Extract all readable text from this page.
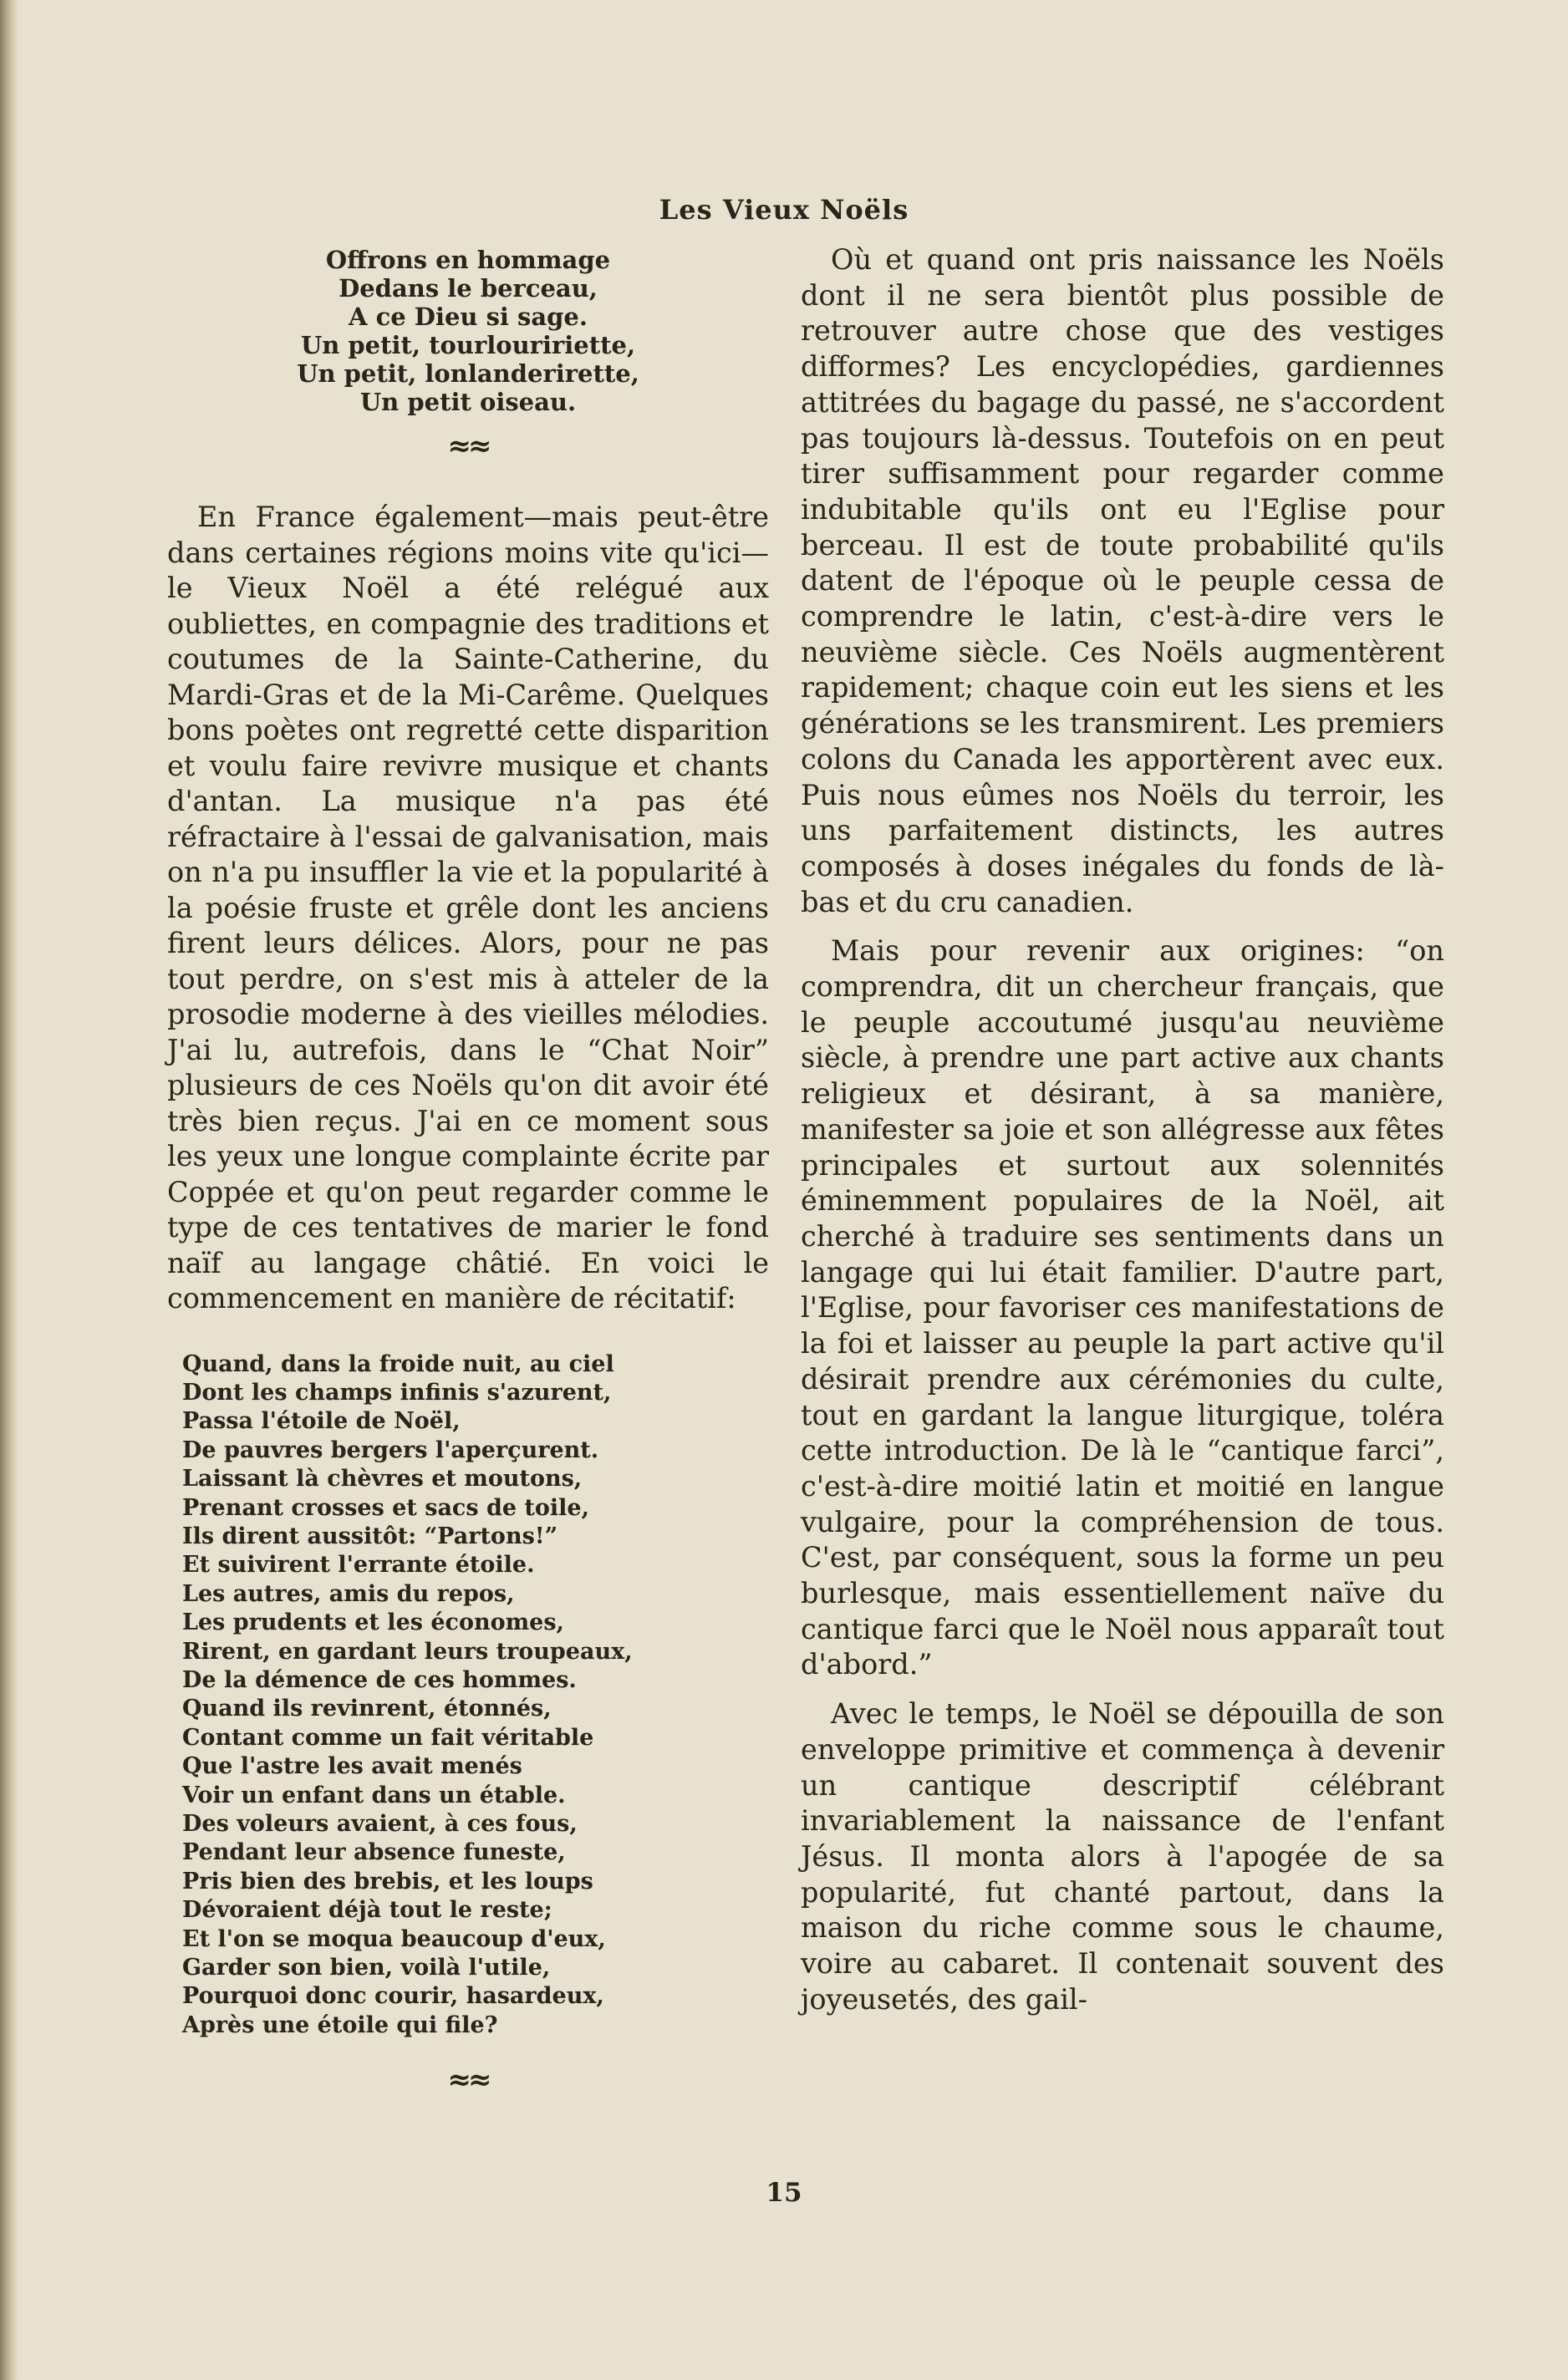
Les Vieux Noëls
Offrons en hommage
Dedans le berceau,
A ce Dieu si sage.
Un petit, tourlouririette,
Un petit, lonlanderirette,
Un petit oiseau.
≈≈

En France également—mais peut-être dans certaines régions moins vite qu'ici—le Vieux Noël a été relégué aux oubliettes, en compagnie des traditions et coutumes de la Sainte-Catherine, du Mardi-Gras et de la Mi-Carême. Quelques bons poètes ont regretté cette disparition et voulu faire revivre musique et chants d'antan. La musique n'a pas été réfractaire à l'essai de galvanisation, mais on n'a pu insuffler la vie et la popularité à la poésie fruste et grêle dont les anciens firent leurs délices. Alors, pour ne pas tout perdre, on s'est mis à atteler de la prosodie moderne à des vieilles mélodies. J'ai lu, autrefois, dans le “Chat Noir” plusieurs de ces Noëls qu'on dit avoir été très bien reçus. J'ai en ce moment sous les yeux une longue complainte écrite par Coppée et qu'on peut regarder comme le type de ces tentatives de marier le fond naïf au langage châtié. En voici le commencement en manière de récitatif:

Quand, dans la froide nuit, au ciel
Dont les champs infinis s'azurent,
Passa l'étoile de Noël,
De pauvres bergers l'aperçurent.
Laissant là chèvres et moutons,
Prenant crosses et sacs de toile,
Ils dirent aussitôt: “Partons!”
Et suivirent l'errante étoile.
Les autres, amis du repos,
Les prudents et les économes,
Rirent, en gardant leurs troupeaux,
De la démence de ces hommes.
Quand ils revinrent, étonnés,
Contant comme un fait véritable
Que l'astre les avait menés
Voir un enfant dans un étable.
Des voleurs avaient, à ces fous,
Pendant leur absence funeste,
Pris bien des brebis, et les loups
Dévoraient déjà tout le reste;
Et l'on se moqua beaucoup d'eux,
Garder son bien, voilà l'utile,
Pourquoi donc courir, hasardeux,
Après une étoile qui file?
≈≈

Où et quand ont pris naissance les Noëls dont il ne sera bientôt plus possible de retrouver autre chose que des vestiges difformes? Les encyclopédies, gardiennes attitrées du bagage du passé, ne s'accordent pas toujours là-dessus. Toutefois on en peut tirer suffisamment pour regarder comme indubitable qu'ils ont eu l'Eglise pour berceau. Il est de toute probabilité qu'ils datent de l'époque où le peuple cessa de comprendre le latin, c'est-à-dire vers le neuvième siècle. Ces Noëls augmentèrent rapidement; chaque coin eut les siens et les générations se les transmirent. Les premiers colons du Canada les apportèrent avec eux. Puis nous eûmes nos Noëls du terroir, les uns parfaitement distincts, les autres composés à doses inégales du fonds de là-bas et du cru canadien.

Mais pour revenir aux origines: “on comprendra, dit un chercheur français, que le peuple accoutumé jusqu'au neuvième siècle, à prendre une part active aux chants religieux et désirant, à sa manière, manifester sa joie et son allégresse aux fêtes principales et surtout aux solennités éminemment populaires de la Noël, ait cherché à traduire ses sentiments dans un langage qui lui était familier. D'autre part, l'Eglise, pour favoriser ces manifestations de la foi et laisser au peuple la part active qu'il désirait prendre aux cérémonies du culte, tout en gardant la langue liturgique, toléra cette introduction. De là le “cantique farci”, c'est-à-dire moitié latin et moitié en langue vulgaire, pour la compréhension de tous. C'est, par conséquent, sous la forme un peu burlesque, mais essentiellement naïve du cantique farci que le Noël nous apparaît tout d'abord.”

Avec le temps, le Noël se dépouilla de son enveloppe primitive et commença à devenir un cantique descriptif célébrant invariablement la naissance de l'enfant Jésus. Il monta alors à l'apogée de sa popularité, fut chanté partout, dans la maison du riche comme sous le chaume, voire au cabaret. Il contenait souvent des joyeusetés, des gail-

15
